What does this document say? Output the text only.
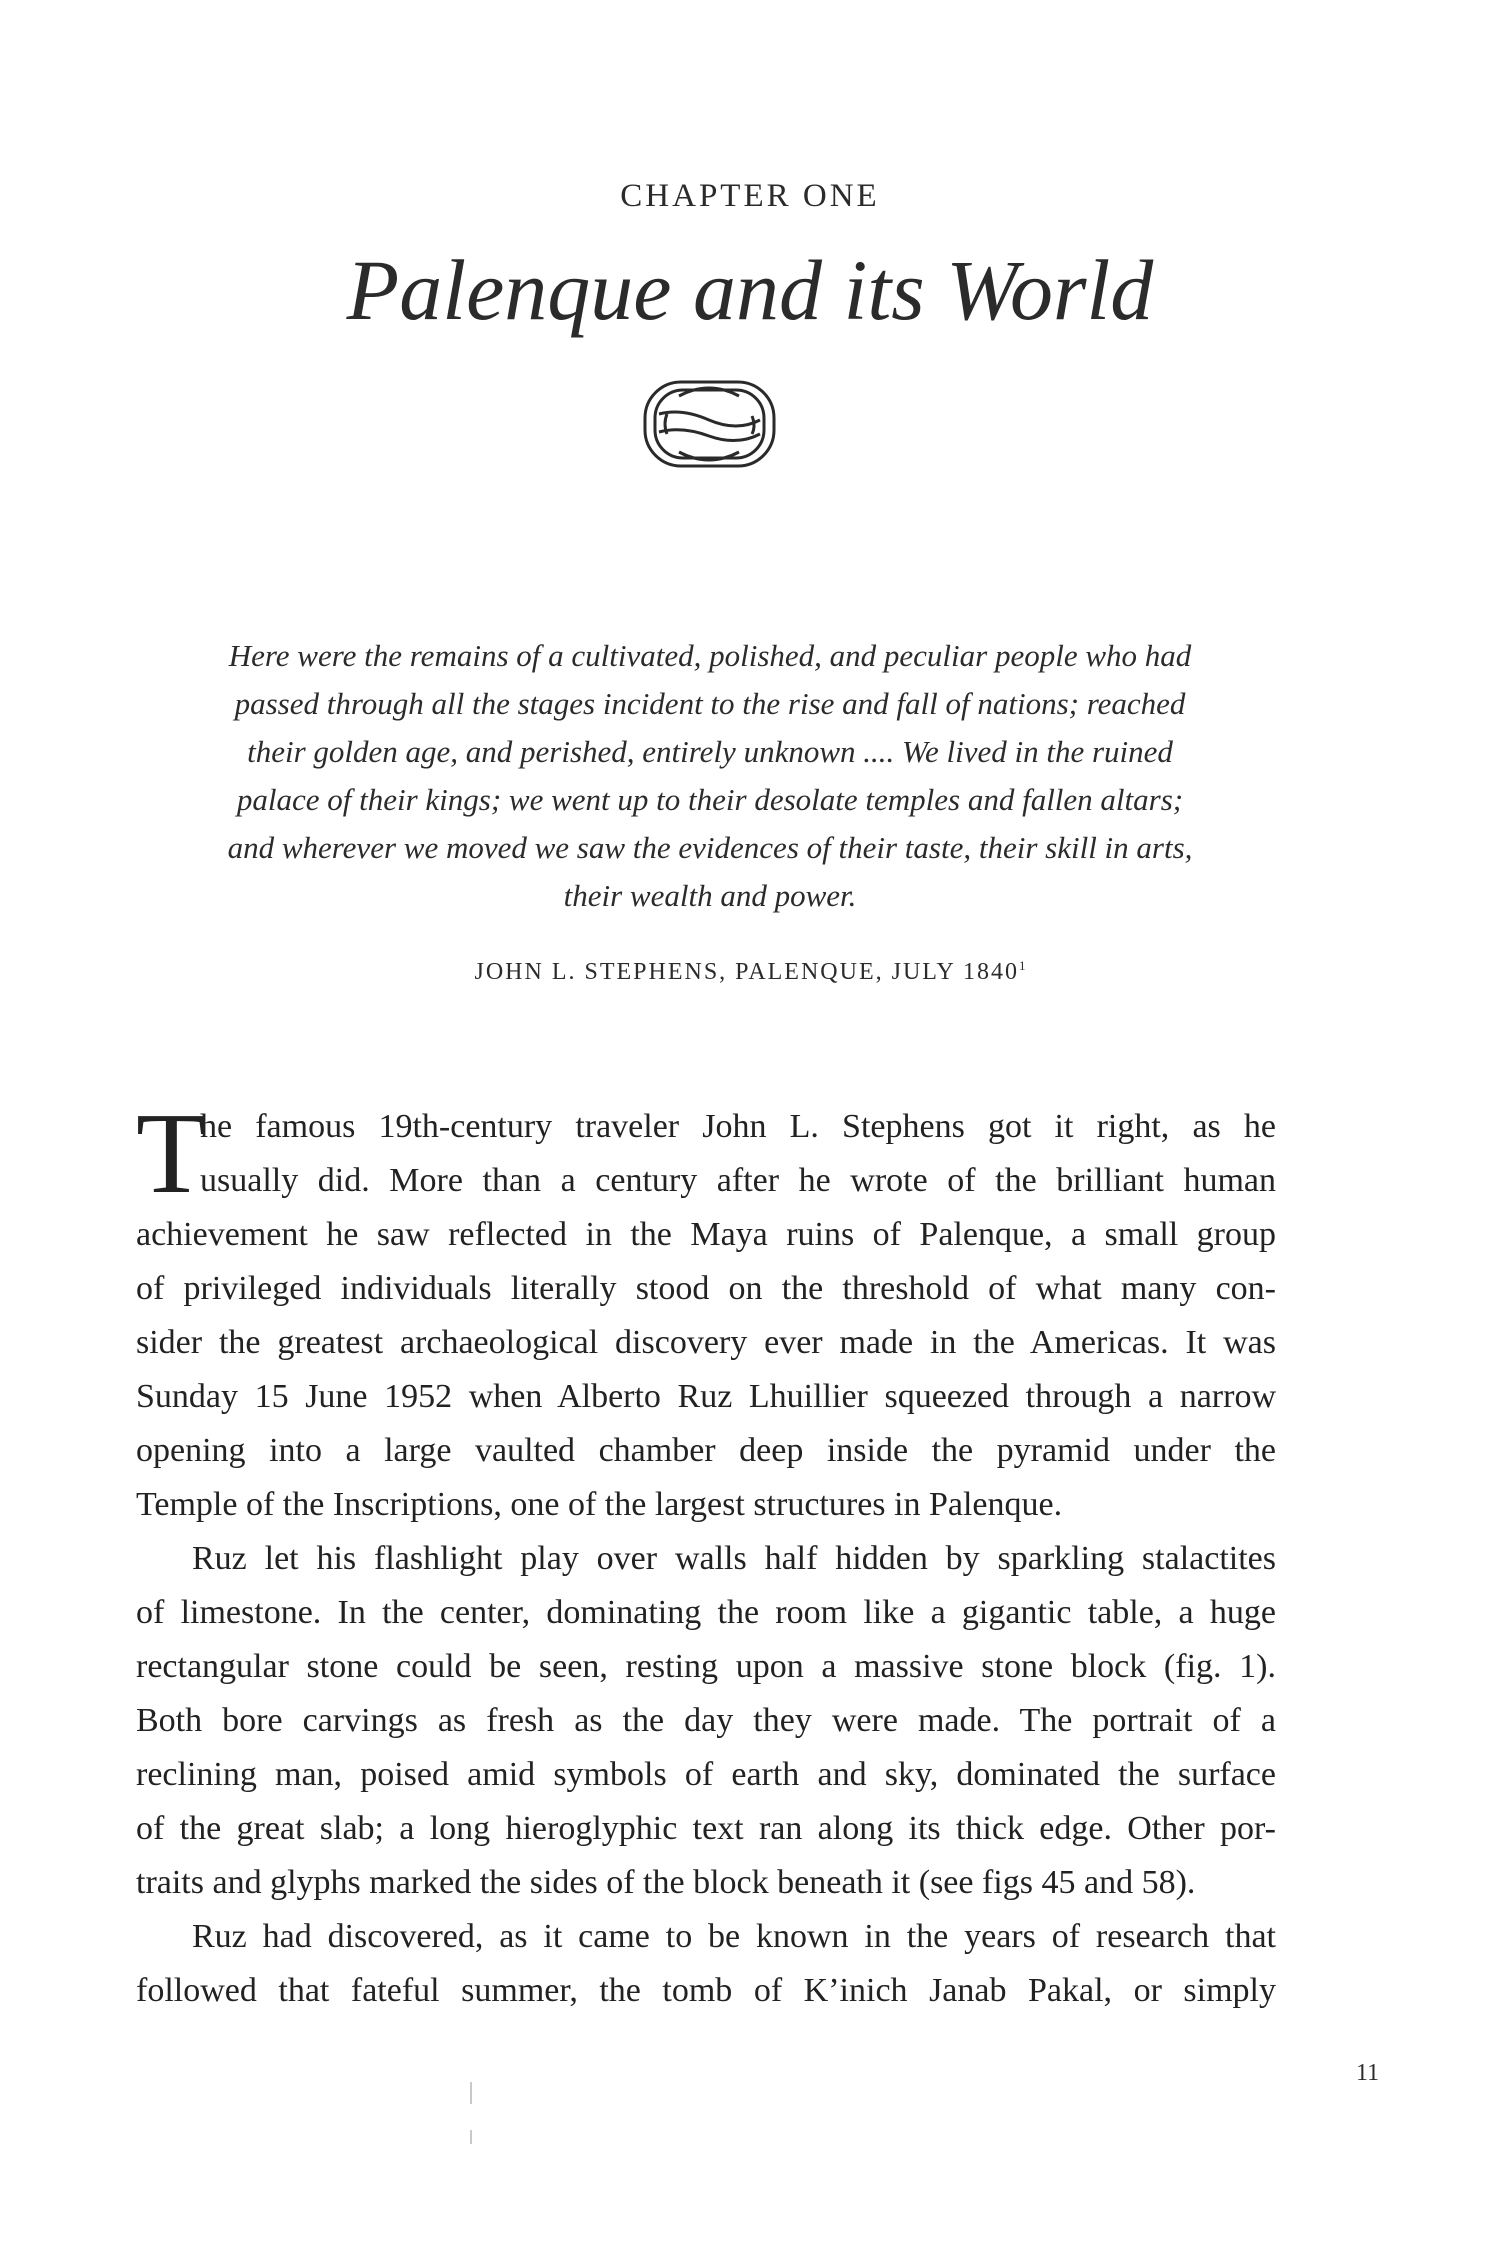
CHAPTER ONE
Palenque and its World
Here were the remains of a cultivated, polished, and peculiar people who had
passed through all the stages incident to the rise and fall of nations; reached
their golden age, and perished, entirely unknown .... We lived in the ruined
palace of their kings; we went up to their desolate temples and fallen altars;
and wherever we moved we saw the evidences of their taste, their skill in arts,
their wealth and power.
JOHN L. STEPHENS, PALENQUE, JULY 1840$^1$
T
he famous 19th-century traveler John L. Stephens got it right, as he
usually did. More than a century after he wrote of the brilliant human
achievement he saw reflected in the Maya ruins of Palenque, a small group
of privileged individuals literally stood on the threshold of what many con-
sider the greatest archaeological discovery ever made in the Americas. It was
Sunday 15 June 1952 when Alberto Ruz Lhuillier squeezed through a narrow
opening into a large vaulted chamber deep inside the pyramid under the
Temple of the Inscriptions, one of the largest structures in Palenque.
Ruz let his flashlight play over walls half hidden by sparkling stalactites
of limestone. In the center, dominating the room like a gigantic table, a huge
rectangular stone could be seen, resting upon a massive stone block (fig. 1).
Both bore carvings as fresh as the day they were made. The portrait of a
reclining man, poised amid symbols of earth and sky, dominated the surface
of the great slab; a long hieroglyphic text ran along its thick edge. Other por-
traits and glyphs marked the sides of the block beneath it (see figs 45 and 58).
Ruz had discovered, as it came to be known in the years of research that
followed that fateful summer, the tomb of K’inich Janab Pakal, or simply
11
